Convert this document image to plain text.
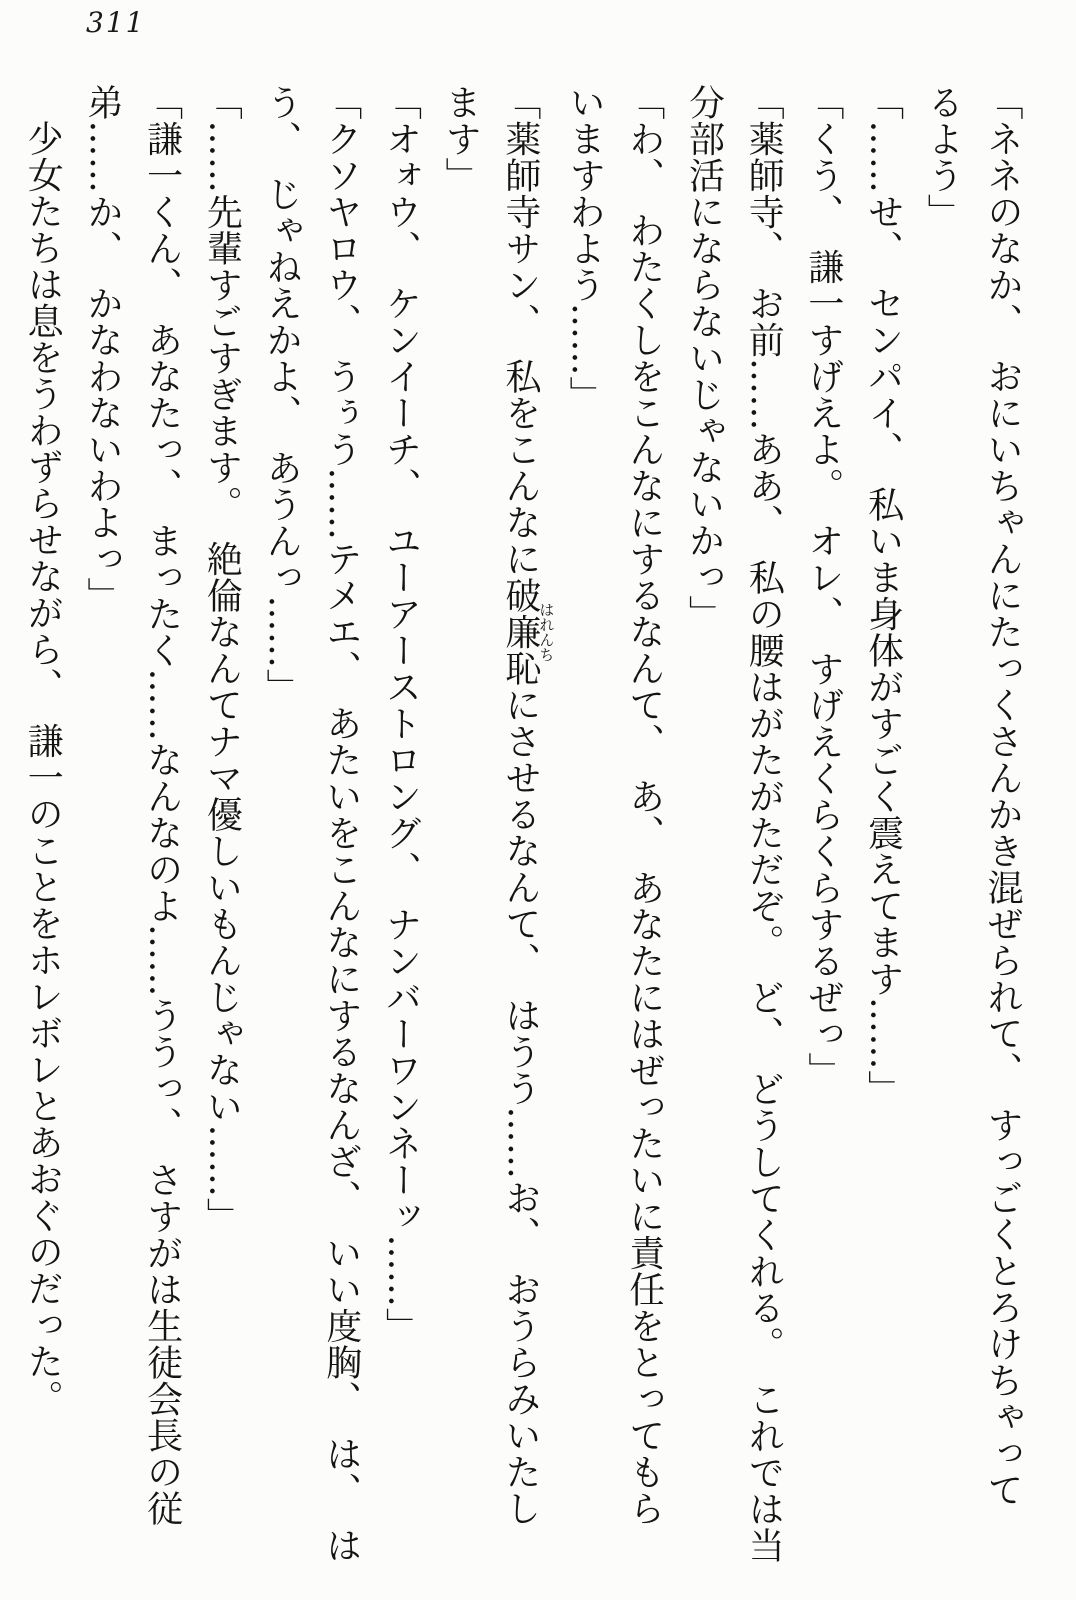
311
「ネネのなか、　おにいちゃんにたっくさんかき混ぜられて、　すっごくとろけちゃって
るよう」
「……せ、　センパイ、　私いま身体がすごく震えてます……」
「くう、　謙一すげえよ。　オレ、　すげえくらくらするぜっ」
「薬師寺、　お前……ああ、　私の腰はがたがただぞ。　ど、　どうしてくれる。　これでは当
分部活にならないじゃないかっ」
「わ、　わたくしをこんなにするなんて、　あ、　あなたにはぜったいに責任をとってもら
いますわよう……」
「薬師寺サン、　私をこんなに破廉恥はれんちにさせるなんて、　はうう……お、　おうらみいたし
ます」
「オォウ、　ケンイーチ、　ユーアーストロング、　ナンバーワンネーッ……」
「クソヤロウ、　うぅう……テメエ、　あたいをこんなにするなんざ、　いい度胸、　は、　は
う、　じゃねえかよ、　あうんっ……」
「……先輩すごすぎます。　絶倫なんてナマ優しいもんじゃない……」
「謙一くん、　あなたっ、　まったく……なんなのよ……ううっ、　さすがは生徒会長の従
弟……か、　かなわないわよっ」
少女たちは息をうわずらせながら、　謙一のことをホレボレとあおぐのだった。
